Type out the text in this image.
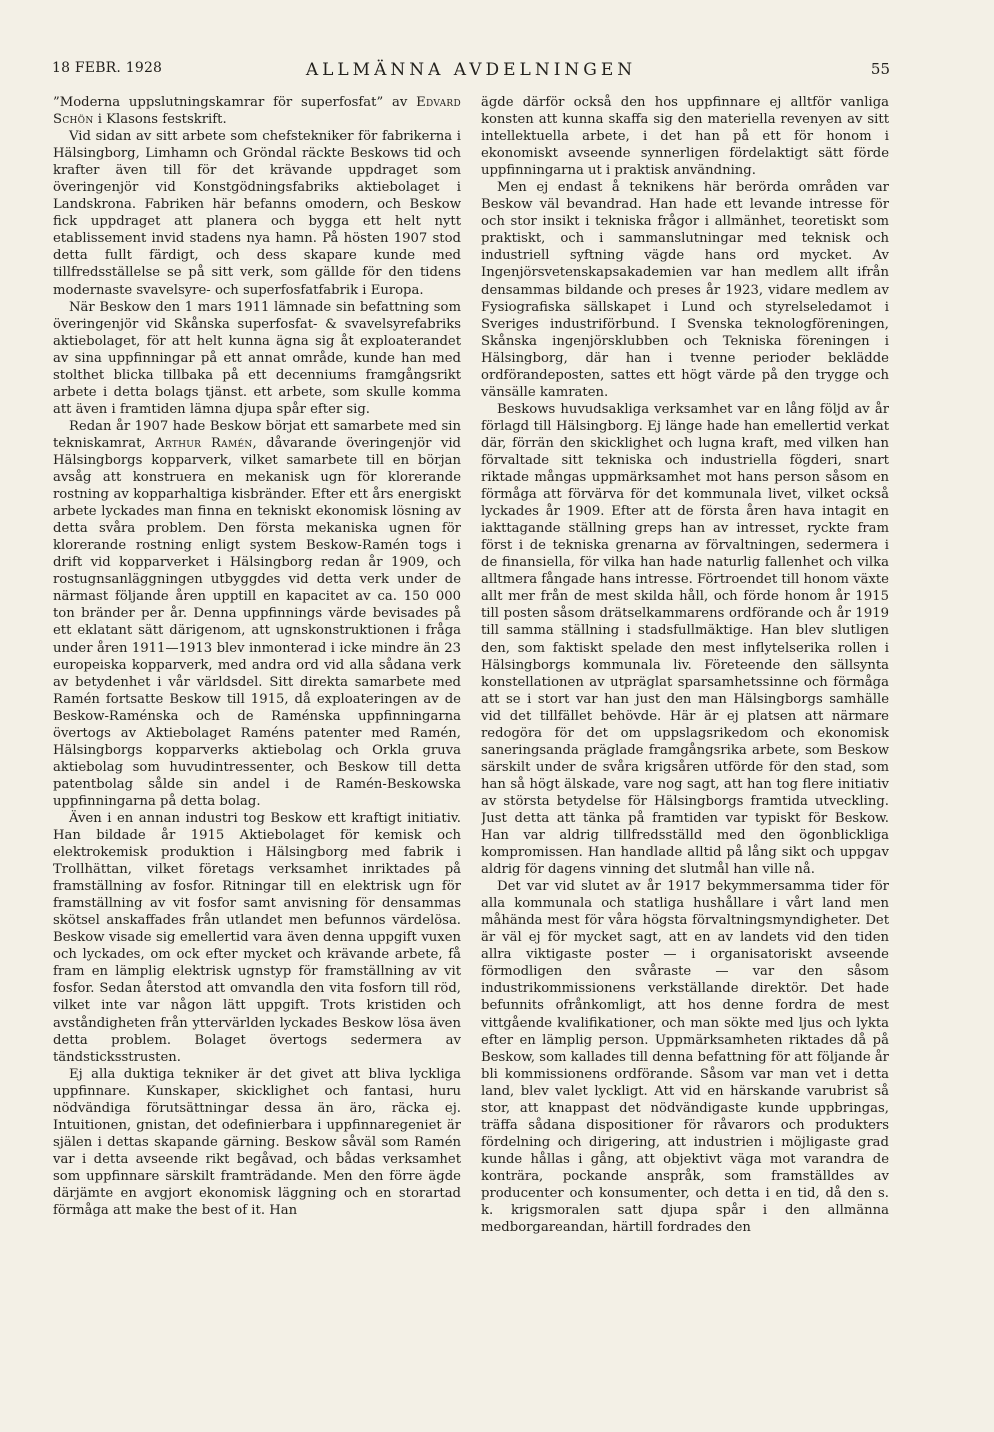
18 FEBR. 1928	ALLMÄNNA AVDELNINGEN	55

”Moderna uppslutningskamrar för superfosfat” av Edvard Schön i Klasons festskrift.

Vid sidan av sitt arbete som chefstekniker för fabrikerna i Hälsingborg, Limhamn och Gröndal räckte Beskows tid och krafter även till för det krävande uppdraget som överingenjör vid Konstgödningsfabriks aktiebolaget i Landskrona. Fabriken här befanns omodern, och Beskow fick uppdraget att planera och bygga ett helt nytt etablissement invid stadens nya hamn. På hösten 1907 stod detta fullt färdigt, och dess skapare kunde med tillfredsställelse se på sitt verk, som gällde för den tidens modernaste svavelsyre- och superfosfatfabrik i Europa.

När Beskow den 1 mars 1911 lämnade sin befattning som överingenjör vid Skånska superfosfat- & svavelsyrefabriks aktiebolaget, för att helt kunna ägna sig åt exploaterandet av sina uppfinningar på ett annat område, kunde han med stolthet blicka tillbaka på ett decenniums framgångsrikt arbete i detta bolags tjänst. ett arbete, som skulle komma att även i framtiden lämna djupa spår efter sig.

Redan år 1907 hade Beskow börjat ett samarbete med sin tekniskamrat, Arthur Ramén, dåvarande överingenjör vid Hälsingborgs kopparverk, vilket samarbete till en början avsåg att konstruera en mekanisk ugn för klorerande rostning av kopparhaltiga kisbränder. Efter ett års energiskt arbete lyckades man finna en tekniskt ekonomisk lösning av detta svåra problem. Den första mekaniska ugnen för klorerande rostning enligt system Beskow-Ramén togs i drift vid kopparverket i Hälsingborg redan år 1909, och rostugnsanläggningen utbyggdes vid detta verk under de närmast följande åren upptill en kapacitet av ca. 150 000 ton bränder per år. Denna uppfinnings värde bevisades på ett eklatant sätt därigenom, att ugnskonstruktionen i fråga under åren 1911—1913 blev inmonterad i icke mindre än 23 europeiska kopparverk, med andra ord vid alla sådana verk av betydenhet i vår världsdel. Sitt direkta samarbete med Ramén fortsatte Beskow till 1915, då exploateringen av de Beskow-Raménska och de Raménska uppfinningarna övertogs av Aktiebolaget Raméns patenter med Ramén, Hälsingborgs kopparverks aktiebolag och Orkla gruva aktiebolag som huvudintressenter, och Beskow till detta patentbolag sålde sin andel i de Ramén-Beskowska uppfinningarna på detta bolag.

Även i en annan industri tog Beskow ett kraftigt initiativ. Han bildade år 1915 Aktiebolaget för kemisk och elektrokemisk produktion i Hälsingborg med fabrik i Trollhättan, vilket företags verksamhet inriktades på framställning av fosfor. Ritningar till en elektrisk ugn för framställning av vit fosfor samt anvisning för densammas skötsel anskaffades från utlandet men befunnos värdelösa. Beskow visade sig emellertid vara även denna uppgift vuxen och lyckades, om ock efter mycket och krävande arbete, få fram en lämplig elektrisk ugnstyp för framställning av vit fosfor. Sedan återstod att omvandla den vita fosforn till röd, vilket inte var någon lätt uppgift. Trots kristiden och avståndigheten från yttervärlden lyckades Beskow lösa även detta problem. Bolaget övertogs sedermera av tändsticksstrusten.

Ej alla duktiga tekniker är det givet att bliva lyckliga uppfinnare. Kunskaper, skicklighet och fantasi, huru nödvändiga förutsättningar dessa än äro, räcka ej. Intuitionen, gnistan, det odefinierbara i uppfinnaregeniet är själen i dettas skapande gärning. Beskow såväl som Ramén var i detta avseende rikt begåvad, och bådas verksamhet som uppfinnare särskilt framträdande. Men den förre ägde därjämte en avgjort ekonomisk läggning och en storartad förmåga att make the best of it. Han

ägde därför också den hos uppfinnare ej alltför vanliga konsten att kunna skaffa sig den materiella revenyen av sitt intellektuella arbete, i det han på ett för honom i ekonomiskt avseende synnerligen fördelaktigt sätt förde uppfinningarna ut i praktisk användning.

Men ej endast å teknikens här berörda områden var Beskow väl bevandrad. Han hade ett levande intresse för och stor insikt i tekniska frågor i allmänhet, teoretiskt som praktiskt, och i sammanslutningar med teknisk och industriell syftning vägde hans ord mycket. Av Ingenjörsvetenskapsakademien var han medlem allt ifrån densammas bildande och preses år 1923, vidare medlem av Fysiografiska sällskapet i Lund och styrelseledamot i Sveriges industriförbund. I Svenska teknologföreningen, Skånska ingenjörsklubben och Tekniska föreningen i Hälsingborg, där han i tvenne perioder beklädde ordförandeposten, sattes ett högt värde på den trygge och vänsälle kamraten.

Beskows huvudsakliga verksamhet var en lång följd av år förlagd till Hälsingborg. Ej länge hade han emellertid verkat där, förrän den skicklighet och lugna kraft, med vilken han förvaltade sitt tekniska och industriella fögderi, snart riktade mångas uppmärksamhet mot hans person såsom en förmåga att förvärva för det kommunala livet, vilket också lyckades år 1909. Efter att de första åren hava intagit en iakttagande ställning greps han av intresset, ryckte fram först i de tekniska grenarna av förvaltningen, sedermera i de finansiella, för vilka han hade naturlig fallenhet och vilka alltmera fångade hans intresse. Förtroendet till honom växte allt mer från de mest skilda håll, och förde honom år 1915 till posten såsom drätselkammarens ordförande och år 1919 till samma ställning i stadsfullmäktige. Han blev slutligen den, som faktiskt spelade den mest inflytelserika rollen i Hälsingborgs kommunala liv. Företeende den sällsynta konstellationen av utpräglat sparsamhetssinne och förmåga att se i stort var han just den man Hälsingborgs samhälle vid det tillfället behövde. Här är ej platsen att närmare redogöra för det om uppslagsrikedom och ekonomisk saneringsanda präglade framgångsrika arbete, som Beskow särskilt under de svåra krigsåren utförde för den stad, som han så högt älskade, vare nog sagt, att han tog flere initiativ av största betydelse för Hälsingborgs framtida utveckling. Just detta att tänka på framtiden var typiskt för Beskow. Han var aldrig tillfredsställd med den ögonblickliga kompromissen. Han handlade alltid på lång sikt och uppgav aldrig för dagens vinning det slutmål han ville nå.

Det var vid slutet av år 1917 bekymmersamma tider för alla kommunala och statliga hushållare i vårt land men måhända mest för våra högsta förvaltningsmyndigheter. Det är väl ej för mycket sagt, att en av landets vid den tiden allra viktigaste poster — i organisatoriskt avseende förmodligen den svåraste — var den såsom industrikommissionens verkställande direktör. Det hade befunnits ofrånkomligt, att hos denne fordra de mest vittgående kvalifikationer, och man sökte med ljus och lykta efter en lämplig person. Uppmärksamheten riktades då på Beskow, som kallades till denna befattning för att följande år bli kommissionens ordförande. Såsom var man vet i detta land, blev valet lyckligt. Att vid en härskande varubrist så stor, att knappast det nödvändigaste kunde uppbringas, träffa sådana dispositioner för råvarors och produkters fördelning och dirigering, att industrien i möjligaste grad kunde hållas i gång, att objektivt väga mot varandra de konträra, pockande anspråk, som framställdes av producenter och konsumenter, och detta i en tid, då den s. k. krigsmoralen satt djupa spår i den allmänna medborgareandan, härtill fordrades den
